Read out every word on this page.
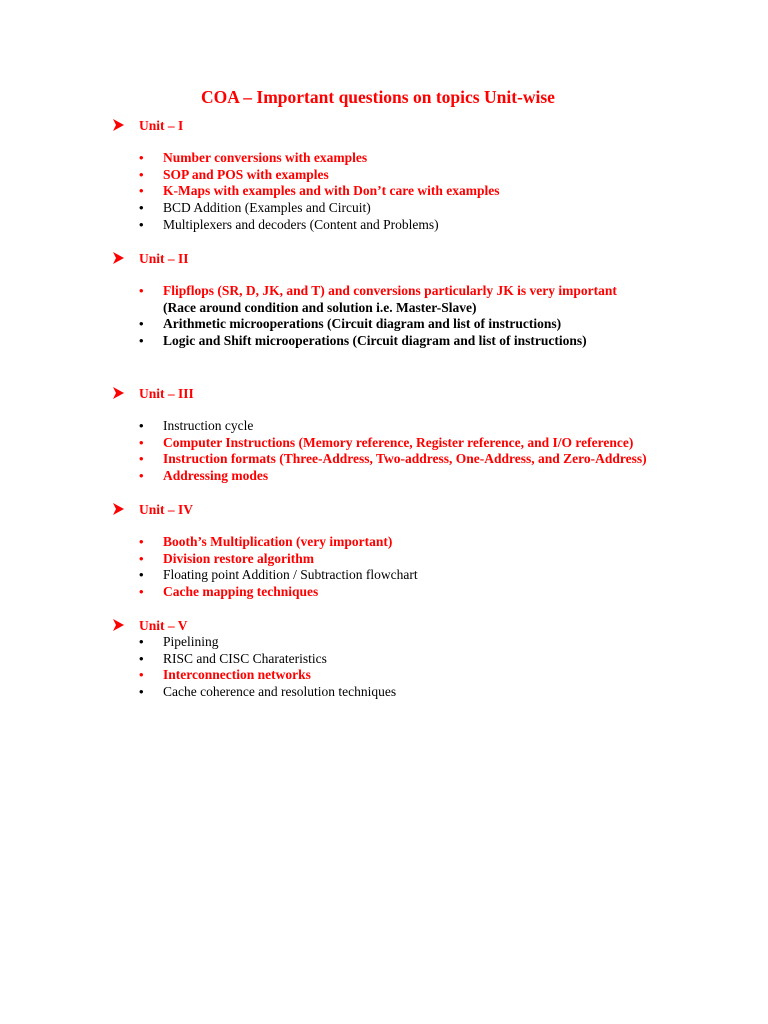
COA – Important questions on topics Unit-wise
Unit – I
• Number conversions with examples
• SOP and POS with examples
• K-Maps with examples and with Don’t care with examples
• BCD Addition (Examples and Circuit)
• Multiplexers and decoders (Content and Problems)
Unit – II
• Flipflops (SR, D, JK, and T) and conversions particularly JK is very important
(Race around condition and solution i.e. Master-Slave)
• Arithmetic microoperations (Circuit diagram and list of instructions)
• Logic and Shift microoperations (Circuit diagram and list of instructions)
Unit – III
• Instruction cycle
• Computer Instructions (Memory reference, Register reference, and I/O reference)
• Instruction formats (Three-Address, Two-address, One-Address, and Zero-Address)
• Addressing modes
Unit – IV
• Booth’s Multiplication (very important)
• Division restore algorithm
• Floating point Addition / Subtraction flowchart
• Cache mapping techniques
Unit – V
• Pipelining
• RISC and CISC Charateristics
• Interconnection networks
• Cache coherence and resolution techniques
